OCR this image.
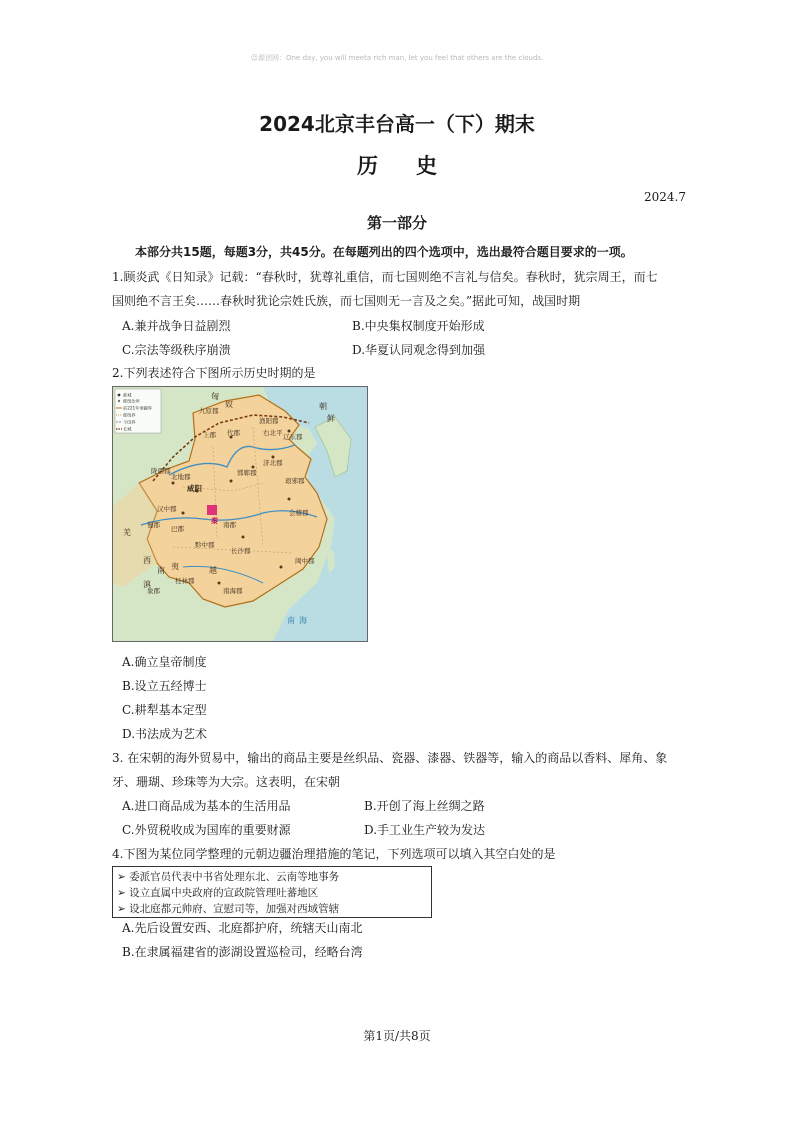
☺源创网：One day, you will meeta rich man, let you feel that others are the clouds.
2024北京丰台高一（下）期末
历史
2024.7
第一部分
本部分共15题，每题3分，共45分。在每题列出的四个选项中，选出最符合题目要求的一项。
1.顾炎武《日知录》记载：“春秋时，犹尊礼重信，而七国则绝不言礼与信矣。春秋时，犹宗周王，而七
国则绝不言王矣……春秋时犹论宗姓氏族，而七国则无一言及之矣。”据此可知，战国时期
A.兼并战争日益剧烈	B.中央集权制度开始形成
C.宗法等级秩序崩溃	D.华夏认同观念得到加强
2.下列表述符合下图所示历史时期的是
都城
郡级治所
前221年秦疆界
郡级界
今国界
长城
匈
奴	朝
鲜
九原郡
上郡 代郡
渔阳郡
辽东郡
右北平
陇西郡
北地郡
咸阳
邯郸郡
济北郡
琅邪郡
汉中郡
巴郡
蜀郡	南郡
长沙郡
会稽郡
黔中郡
闽中郡
桂林郡
象郡	南海郡
羌
西
南
滇
夷	越
秦
南 海
A.确立皇帝制度
B.设立五经博士
C.耕犁基本定型
D.书法成为艺术
3. 在宋朝的海外贸易中，输出的商品主要是丝织品、瓷器、漆器、铁器等，输入的商品以香料、犀角、象
牙、珊瑚、珍珠等为大宗。这表明，在宋朝
A.进口商品成为基本的生活用品	B.开创了海上丝绸之路
C.外贸税收成为国库的重要财源	D.手工业生产较为发达
4.下图为某位同学整理的元朝边疆治理措施的笔记，下列选项可以填入其空白处的是
➢ 委派官员代表中书省处理东北、云南等地事务
➢ 设立直属中央政府的宣政院管理吐蕃地区
➢ 设北庭都元帅府、宣慰司等，加强对西域管辖
A.先后设置安西、北庭都护府，统辖天山南北
B.在隶属福建省的澎湖设置巡检司，经略台湾
第1页/共8页
